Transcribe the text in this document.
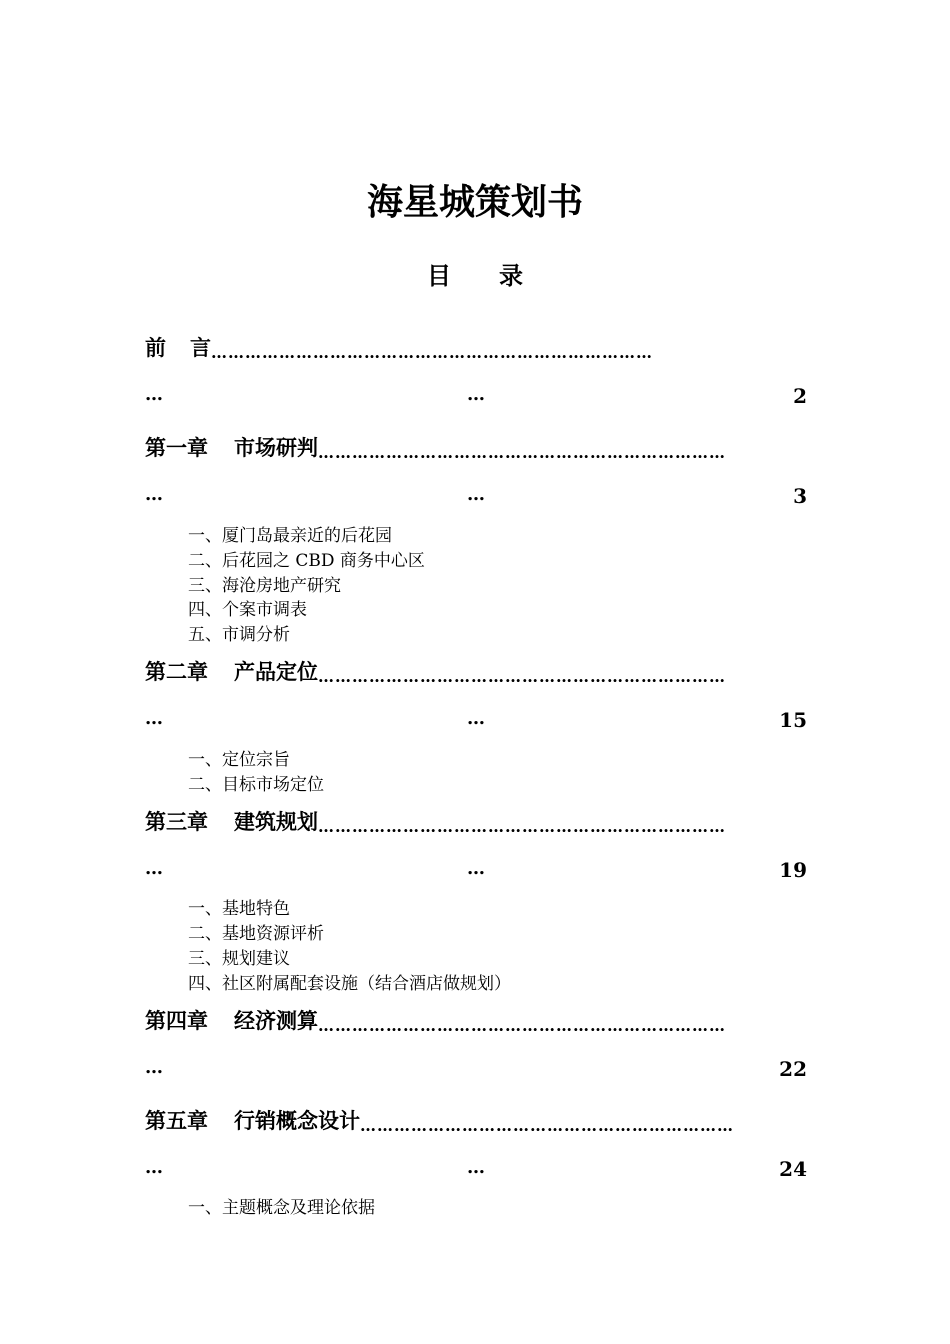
海星城策划书
目 录
前 言 ……………………………………………………………………
…	…	2
第一章 市场研判 ………………………………………………………………
…	…	3
一、厦门岛最亲近的后花园
二、后花园之 CBD 商务中心区
三、海沧房地产研究
四、个案市调表
五、市调分析
第二章 产品定位 ………………………………………………………………
…	…	15
一、定位宗旨
二、目标市场定位
第三章 建筑规划 ………………………………………………………………
…	…	19
一、基地特色
二、基地资源评析
三、规划建议
四、社区附属配套设施（结合酒店做规划）
第四章 经济测算 ………………………………………………………………
…	22
第五章 行销概念设计 …………………………………………………………
…	…	24
一、主题概念及理论依据
